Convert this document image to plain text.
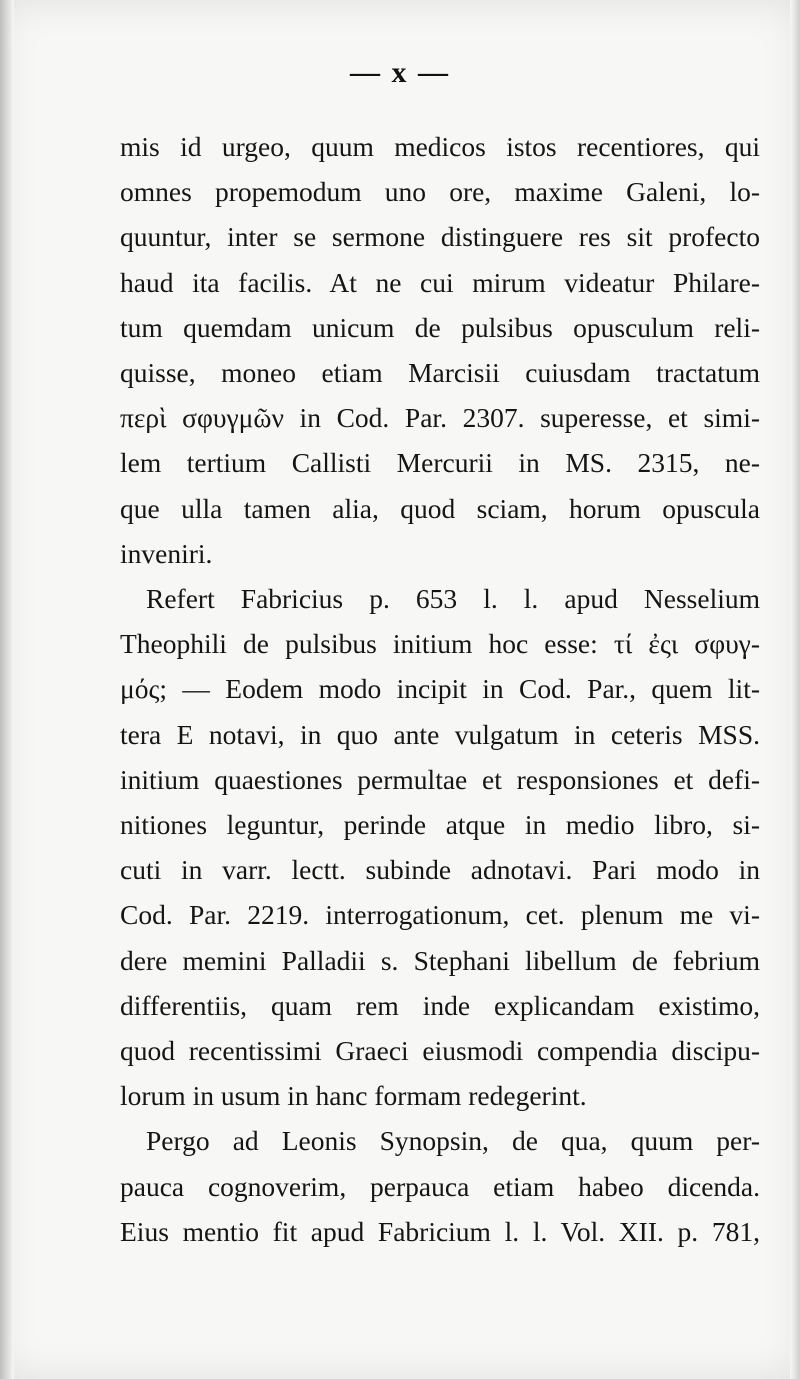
— x —
mis id urgeo, quum medicos istos recentiores, qui
omnes propemodum uno ore, maxime Galeni, lo-
quuntur, inter se sermone distinguere res sit profecto
haud ita facilis. At ne cui mirum videatur Philare-
tum quemdam unicum de pulsibus opusculum reli-
quisse, moneo etiam Marcisii cuiusdam tractatum
περὶ σφυγμῶν in Cod. Par. 2307. superesse, et simi-
lem tertium Callisti Mercurii in MS. 2315, ne-
que ulla tamen alia, quod sciam, horum opuscula
inveniri.
Refert Fabricius p. 653 l. l. apud Nesselium
Theophili de pulsibus initium hoc esse: τί ἐςι σφυγ-
μός; — Eodem modo incipit in Cod. Par., quem lit-
tera E notavi, in quo ante vulgatum in ceteris MSS.
initium quaestiones permultae et responsiones et defi-
nitiones leguntur, perinde atque in medio libro, si-
cuti in varr. lectt. subinde adnotavi. Pari modo in
Cod. Par. 2219. interrogationum, cet. plenum me vi-
dere memini Palladii s. Stephani libellum de febrium
differentiis, quam rem inde explicandam existimo,
quod recentissimi Graeci eiusmodi compendia discipu-
lorum in usum in hanc formam redegerint.
Pergo ad Leonis Synopsin, de qua, quum per-
pauca cognoverim, perpauca etiam habeo dicenda.
Eius mentio fit apud Fabricium l. l. Vol. XII. p. 781,
